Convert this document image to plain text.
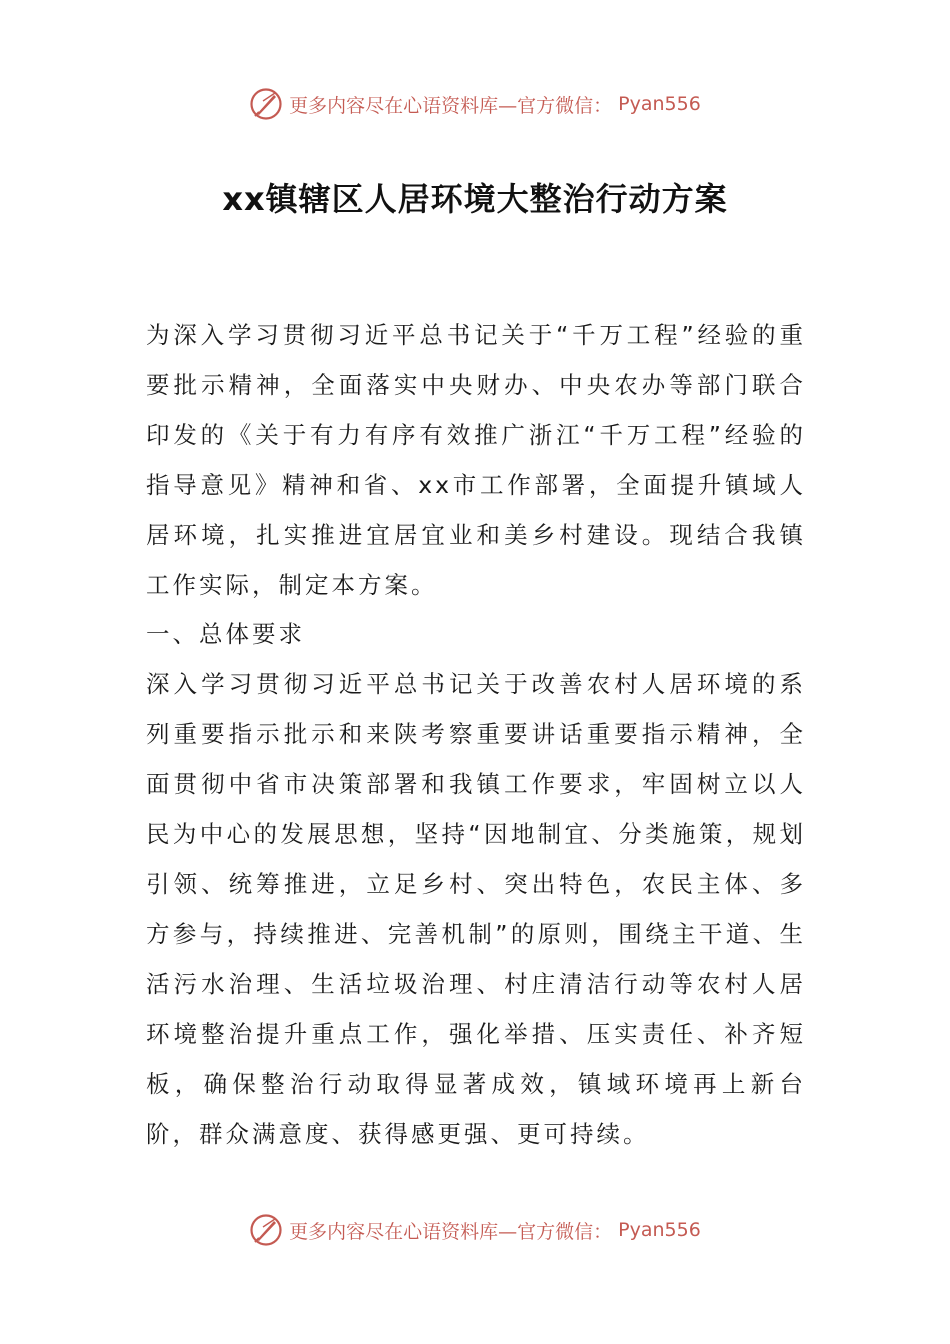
更多内容尽在心语资料库—官方微信： Pyan556
xx镇辖区人居环境大整治行动方案

为深入学习贯彻习近平总书记关于“千万工程”经验的重要批示精神，全面落实中央财办、中央农办等部门联合印发的《关于有力有序有效推广浙江“千万工程”经验的指导意见》精神和省、xx市工作部署，全面提升镇域人居环境，扎实推进宜居宜业和美乡村建设。现结合我镇工作实际，制定本方案。

一、总体要求

深入学习贯彻习近平总书记关于改善农村人居环境的系列重要指示批示和来陕考察重要讲话重要指示精神，全面贯彻中省市决策部署和我镇工作要求，牢固树立以人民为中心的发展思想，坚持“因地制宜、分类施策，规划引领、统筹推进，立足乡村、突出特色，农民主体、多方参与，持续推进、完善机制”的原则，围绕主干道、生活污水治理、生活垃圾治理、村庄清洁行动等农村人居环境整治提升重点工作，强化举措、压实责任、补齐短板，确保整治行动取得显著成效，镇域环境再上新台阶，群众满意度、获得感更强、更可持续。

更多内容尽在心语资料库—官方微信： Pyan556
